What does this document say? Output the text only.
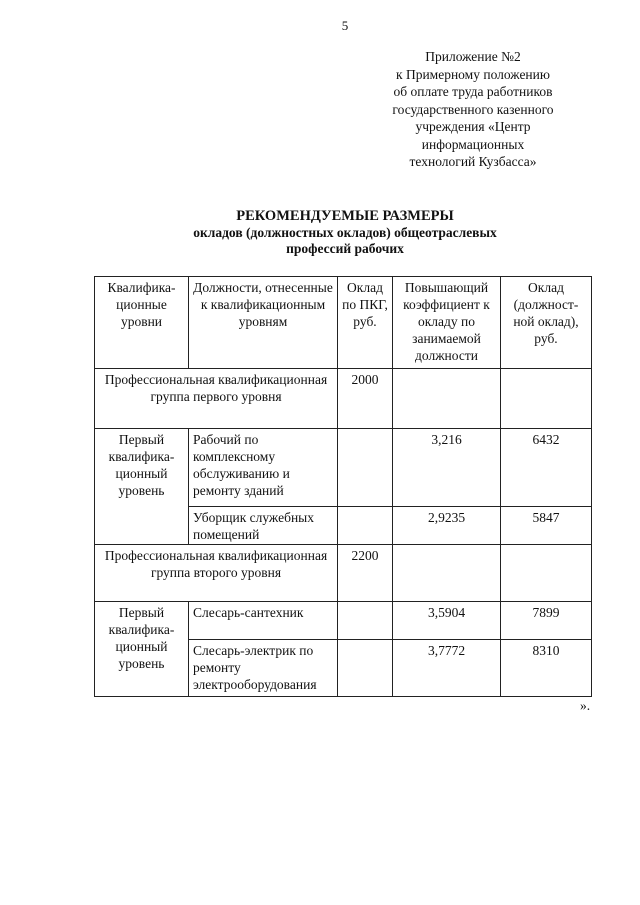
5
Приложение №2
к Примерному положению
об оплате труда работников
государственного казенного
учреждения «Центр
информационных
технологий Кузбасса»
РЕКОМЕНДУЕМЫЕ РАЗМЕРЫ
окладов (должностных окладов) общеотраслевых
профессий рабочих
Квалифика-ционные уровни	Должности, отнесенные к квалификационным уровням	Оклад по ПКГ, руб.	Повышающий коэффициент к окладу по занимаемой должности	Оклад (должност-ной оклад), руб.
Профессиональная квалификационная группа первого уровня		2000		
Первый квалифика-ционный уровень	Рабочий по комплексному обслуживанию и ремонту зданий		3,216	6432
	Уборщик служебных помещений		2,9235	5847
Профессиональная квалификационная группа второго уровня		2200		
Первый квалифика-ционный уровень	Слесарь-сантехник		3,5904	7899
	Слесарь-электрик по ремонту электрооборудования		3,7772	8310
».
